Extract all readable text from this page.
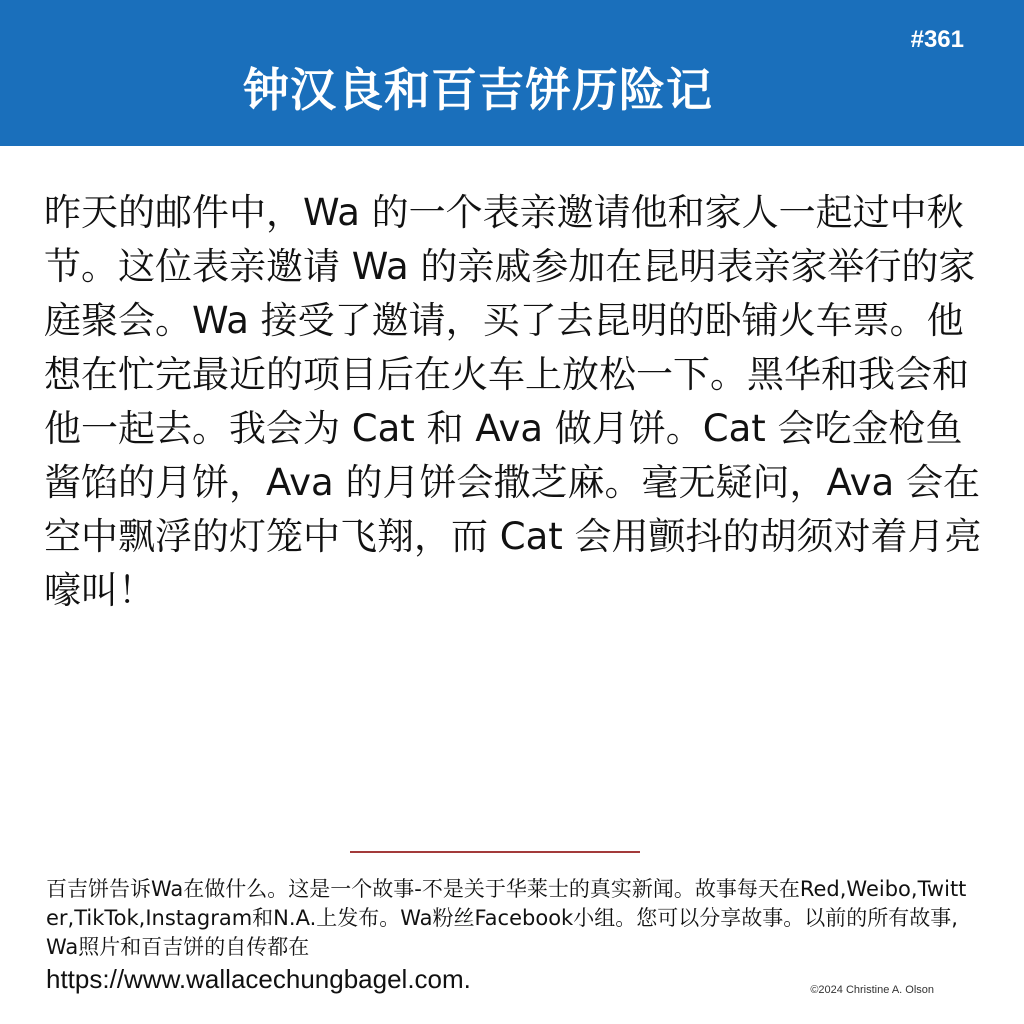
#361
钟汉良和百吉饼历险记
昨天的邮件中，Wa 的一个表亲邀请他和家人一起过中秋节。这位表亲邀请 Wa 的亲戚参加在昆明表亲家举行的家庭聚会。Wa 接受了邀请，买了去昆明的卧铺火车票。他想在忙完最近的项目后在火车上放松一下。黑华和我会和他一起去。我会为 Cat 和 Ava 做月饼。Cat 会吃金枪鱼酱馅的月饼，Ava 的月饼会撒芝麻。毫无疑问，Ava 会在空中飘浮的灯笼中飞翔，而 Cat 会用颤抖的胡须对着月亮嚎叫！
百吉饼告诉Wa在做什么。这是一个故事-不是关于华莱士的真实新闻。故事每天在Red,Weibo,Twitter,TikTok,Instagram和N.A.上发布。Wa粉丝Facebook小组。您可以分享故事。以前的所有故事,Wa照片和百吉饼的自传都在
https://www.wallacechungbagel.com.	©2024 Christine A. Olson
